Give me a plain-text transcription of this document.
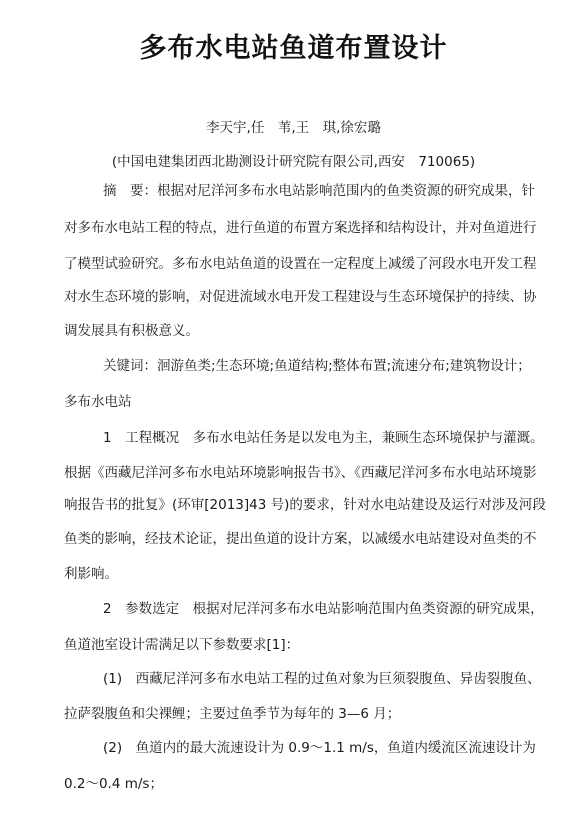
多布水电站鱼道布置设计
李天宇,任　苇,王　琪,徐宏璐
(中国电建集团西北勘测设计研究院有限公司,西安　710065)
摘　要：根据对尼洋河多布水电站影响范围内的鱼类资源的研究成果，针
对多布水电站工程的特点，进行鱼道的布置方案选择和结构设计，并对鱼道进行
了模型试验研究。多布水电站鱼道的设置在一定程度上减缓了河段水电开发工程
对水生态环境的影响，对促进流域水电开发工程建设与生态环境保护的持续、协
调发展具有积极意义。
关键词：洄游鱼类;生态环境;鱼道结构;整体布置;流速分布;建筑物设计；
多布水电站
1　工程概况　多布水电站任务是以发电为主，兼顾生态环境保护与灌溉。
根据《西藏尼洋河多布水电站环境影响报告书》、《西藏尼洋河多布水电站环境影
响报告书的批复》(环审[2013]43 号)的要求，针对水电站建设及运行对涉及河段
鱼类的影响，经技术论证，提出鱼道的设计方案，以减缓水电站建设对鱼类的不
利影响。
2　参数选定　根据对尼洋河多布水电站影响范围内鱼类资源的研究成果，
鱼道池室设计需满足以下参数要求[1]：
(1)　西藏尼洋河多布水电站工程的过鱼对象为巨须裂腹鱼、异齿裂腹鱼、
拉萨裂腹鱼和尖裸鲤；主要过鱼季节为每年的 3—6 月；
(2)　鱼道内的最大流速设计为 0.9～1.1 m/s，鱼道内缓流区流速设计为
0.2～0.4 m/s；
